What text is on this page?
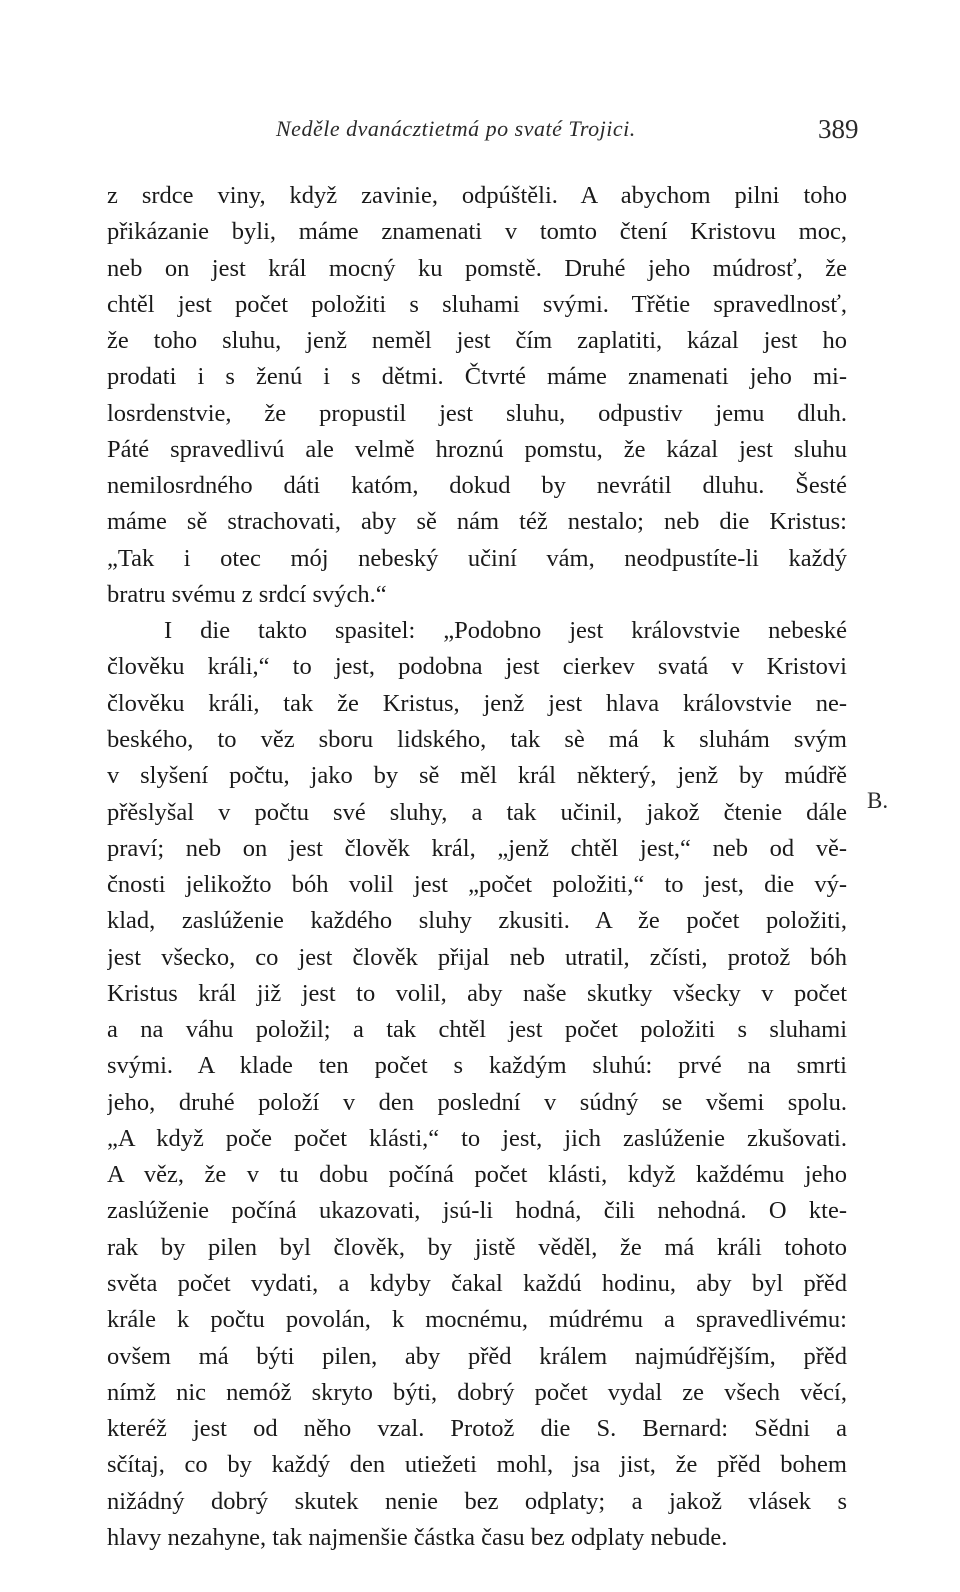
Neděle dvanácztietmá po svaté Trojici.	389
z srdce viny, když zavinie, odpúštěli. A abychom pilni toho
přikázanie byli, máme znamenati v tomto čtení Kristovu moc,
neb on jest král mocný ku pomstě. Druhé jeho múdrosť, že
chtěl jest počet položiti s sluhami svými. Třětie spravedlnosť,
že toho sluhu, jenž neměl jest čím zaplatiti, kázal jest ho
prodati i s ženú i s dětmi. Čtvrté máme znamenati jeho mi-
losrdenstvie, že propustil jest sluhu, odpustiv jemu dluh.
Páté spravedlivú ale velmě hroznú pomstu, že kázal jest sluhu
nemilosrdného dáti katóm, dokud by nevrátil dluhu. Šesté
máme sě strachovati, aby sě nám též nestalo; neb die Kristus:
„Tak i otec mój nebeský učiní vám, neodpustíte-li každý
bratru svému z srdcí svých.“
I die takto spasitel: „Podobno jest královstvie nebeské
člověku králi,“ to jest, podobna jest cierkev svatá v Kristovi
člověku králi, tak že Kristus, jenž jest hlava královstvie ne-
beského, to věz sboru lidského, tak sè má k sluhám svým
v slyšení počtu, jako by sě měl král některý, jenž by múdřě
přěslyšal v počtu své sluhy, a tak učinil, jakož čtenie dále
praví; neb on jest člověk král, „jenž chtěl jest,“ neb od vě-
čnosti jelikožto bóh volil jest „počet položiti,“ to jest, die vý-
klad, zaslúženie každého sluhy zkusiti. A že počet položiti,
jest všecko, co jest člověk přijal neb utratil, zčísti, protož bóh
Kristus král již jest to volil, aby naše skutky všecky v počet
a na váhu položil; a tak chtěl jest počet položiti s sluhami
svými. A klade ten počet s každým sluhú: prvé na smrti
jeho, druhé položí v den poslední v súdný se všemi spolu.
„A když poče počet klásti,“ to jest, jich zaslúženie zkušovati.
A věz, že v tu dobu počíná počet klásti, když každému jeho
zaslúženie počíná ukazovati, jsú-li hodná, čili nehodná. O kte-
rak by pilen byl člověk, by jistě věděl, že má králi tohoto
světa počet vydati, a kdyby čakal každú hodinu, aby byl přěd
krále k počtu povolán, k mocnému, múdrému a spravedlivému:
ovšem má býti pilen, aby přěd králem najmúdřějším, přěd
nímž nic nemóž skryto býti, dobrý počet vydal ze všech věcí,
kteréž jest od něho vzal. Protož die S. Bernard: Sědni a
sčítaj, co by každý den utiežeti mohl, jsa jist, že přěd bohem
nižádný dobrý skutek nenie bez odplaty; a jakož vlásek s
hlavy nezahyne, tak najmenšie částka času bez odplaty nebude.
B.
